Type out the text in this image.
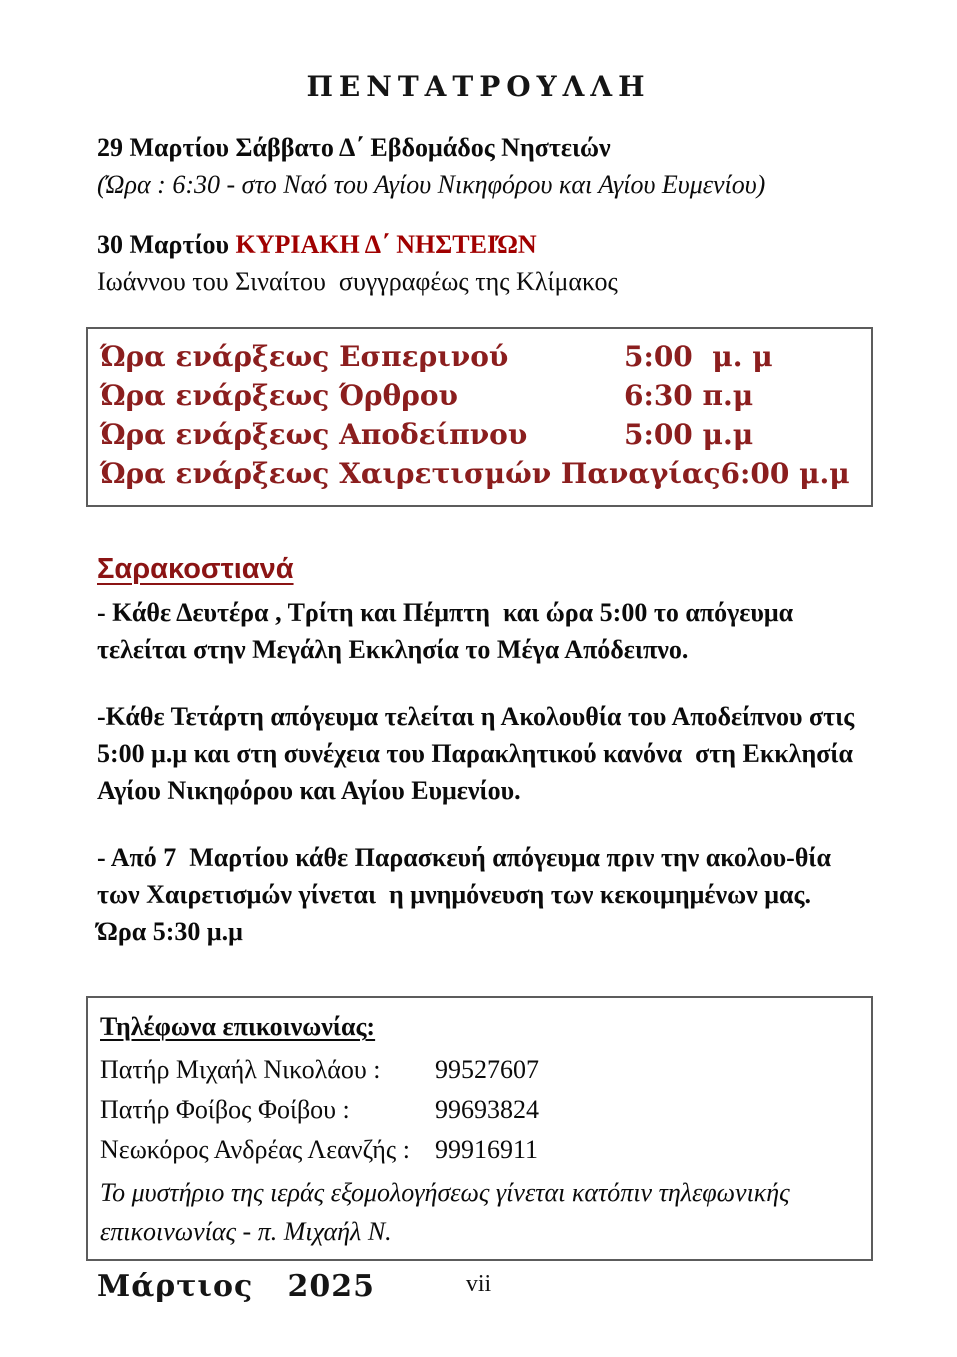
ΠΕΝΤΑΤΡΟΥΛΛΗ
29 Μαρτίου Σάββατο Δ΄ Εβδομάδος Νηστειών
(Ώρα : 6:30 - στο Ναό του Αγίου Νικηφόρου και Αγίου Ευμενίου)
30 Μαρτίου ΚΥΡΙΑΚΗ Δ΄ ΝΗΣΤΕΙΏΝ
Ιωάννου του Σιναίτου  συγγραφέως της Κλίμακος
Ώρα ενάρξεως Εσπερινού	5:00  μ. μ
Ώρα ενάρξεως Όρθρου	6:30 π.μ
Ώρα ενάρξεως Αποδείπνου	5:00 μ.μ
Ώρα ενάρξεως Χαιρετισμών Παναγίας 6:00 μ.μ
Σαρακοστιανά

- Κάθε Δευτέρα , Τρίτη και Πέμπτη  και ώρα 5:00 το απόγευμα τελείται στην Μεγάλη Εκκλησία το Μέγα Απόδειπνο.

-Κάθε Τετάρτη απόγευμα τελείται η Ακολουθία του Αποδείπνου στις 5:00 μ.μ και στη συνέχεια του Παρακλητικού κανόνα  στη Εκκλησία Αγίου Νικηφόρου και Αγίου Ευμενίου.

- Από 7  Μαρτίου κάθε Παρασκευή απόγευμα πριν την ακολου-θία των Χαιρετισμών γίνεται  η μνημόνευση των κεκοιμημένων μας.    Ώρα 5:30 μ.μ

Τηλέφωνα επικοινωνίας:
Πατήρ Μιχαήλ Νικολάου :	99527607
Πατήρ Φοίβος Φοίβου :	99693824
Νεωκόρος Ανδρέας Λεανζής : 99916911
Το μυστήριο της ιεράς εξομολογήσεως γίνεται κατόπιν τηλεφωνικής επικοινωνίας - π. Μιχαήλ Ν.
Μάρτιος   2025	vii
